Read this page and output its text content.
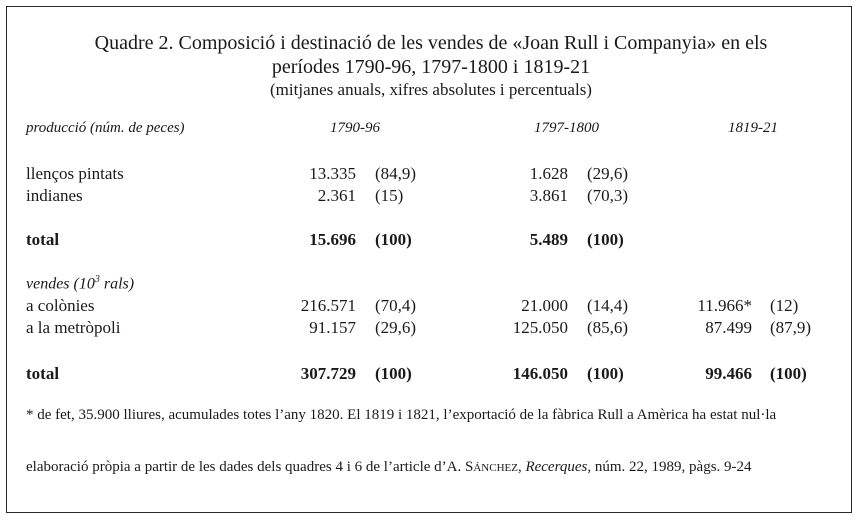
Quadre 2. Composició i destinació de les vendes de «Joan Rull i Companyia» en els
períodes 1790-96, 1797-1800 i 1819-21
(mitjanes anuals, xifres absolutes i percentuals)
producció (núm. de peces)	1790-96	1797-1800	1819-21
llenços pintats	13.335 (84,9)	1.628 (29,6)
indianes	2.361 (15)	3.861 (70,3)
total	15.696 (100)	5.489 (100)
vendes ($10^3$ rals)
a colònies	216.571 (70,4)	21.000 (14,4)	11.966* (12)
a la metròpoli	91.157 (29,6)	125.050 (85,6)	87.499 (87,9)
total	307.729 (100)	146.050 (100)	99.466 (100)
* de fet, 35.900 lliures, acumulades totes l’any 1820. El 1819 i 1821, l’exportació de la fàbrica Rull a Amèrica ha estat nul·la
elaboració pròpia a partir de les dades dels quadres 4 i 6 de l’article d’A. Sánchez, Recerques, núm. 22, 1989, pàgs. 9-24
